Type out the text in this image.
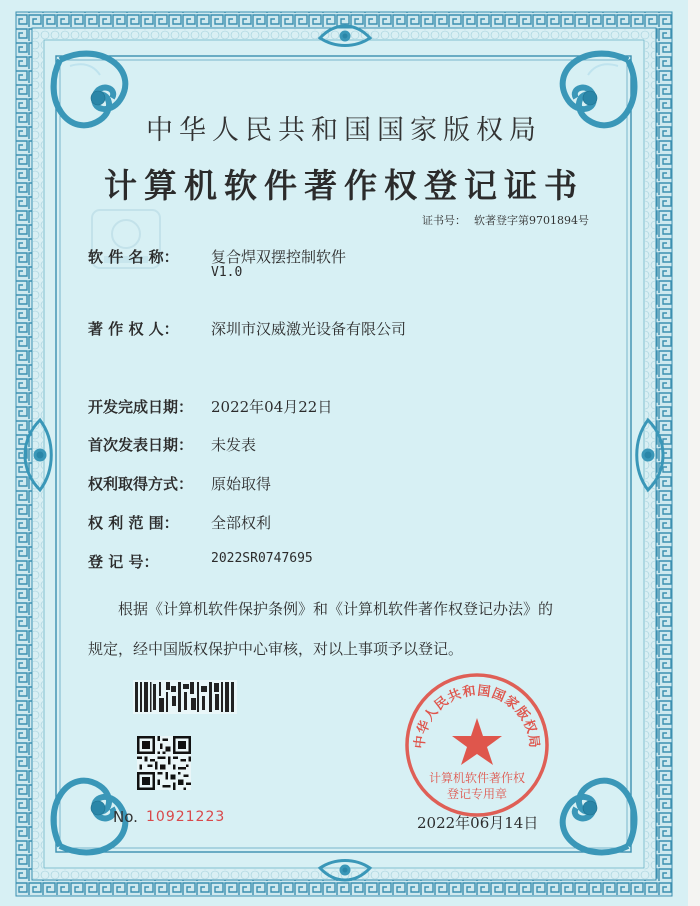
中华人民共和国国家版权局
计算机软件著作权登记证书
证书号： 软著登字第9701894号
软 件 名 称： 复合焊双摆控制软件
V1.0
著 作 权 人： 深圳市汉威激光设备有限公司
开发完成日期： 2022年04月22日
首次发表日期： 未发表
权利取得方式： 原始取得
权 利 范 围： 全部权利
登 记 号：	2022SR0747695
根据《计算机软件保护条例》和《计算机软件著作权登记办法》的
规定，经中国版权保护中心审核，对以上事项予以登记。
No. 10921223
中华人民共和国国家版权局
计算机软件著作权
登记专用章
2022年06月14日
